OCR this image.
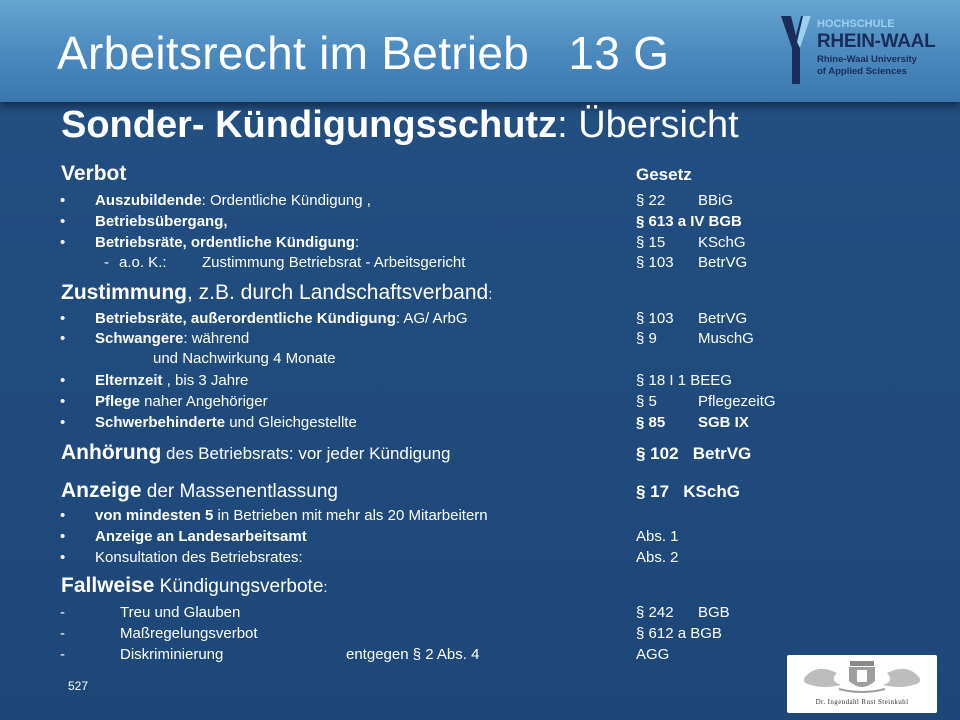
Arbeitsrecht im Betrieb   13 G
HOCHSCHULE
RHEIN-WAAL
Rhine-Waal University
of Applied Sciences
Sonder- Kündigungsschutz: Übersicht
Verbot	Gesetz
• Auszubildende: Ordentliche Kündigung ,	§ 22 BBiG
• Betriebsübergang,	§ 613 a IV BGB
• Betriebsräte, ordentliche Kündigung:	§ 15 KSchG
- a.o. K.: Zustimmung Betriebsrat - Arbeitsgericht	§ 103 BetrVG
Zustimmung, z.B. durch Landschaftsverband:
• Betriebsräte, außerordentliche Kündigung: AG/ ArbG	§ 103 BetrVG
• Schwangere: während	§ 9	MuschG
und Nachwirkung 4 Monate
• Elternzeit , bis 3 Jahre	§ 18 I 1 BEEG
• Pflege naher Angehöriger	§ 5	PflegezeitG
• Schwerbehinderte und Gleichgestellte	§ 85 SGB IX
Anhörung des Betriebsrats: vor jeder Kündigung	§ 102   BetrVG
Anzeige der Massenentlassung	§ 17   KSchG
• von mindesten 5 in Betrieben mit mehr als 20 Mitarbeitern
• Anzeige an Landesarbeitsamt	Abs. 1
• Konsultation des Betriebsrates:	Abs. 2
Fallweise Kündigungsverbote:
-	Treu und Glauben	§ 242 BGB
-	Maßregelungsverbot	§ 612 a BGB
-	Diskriminierung	entgegen § 2 Abs. 4	AGG
527
Dr. Ingendahl Rust Steinkuhl
